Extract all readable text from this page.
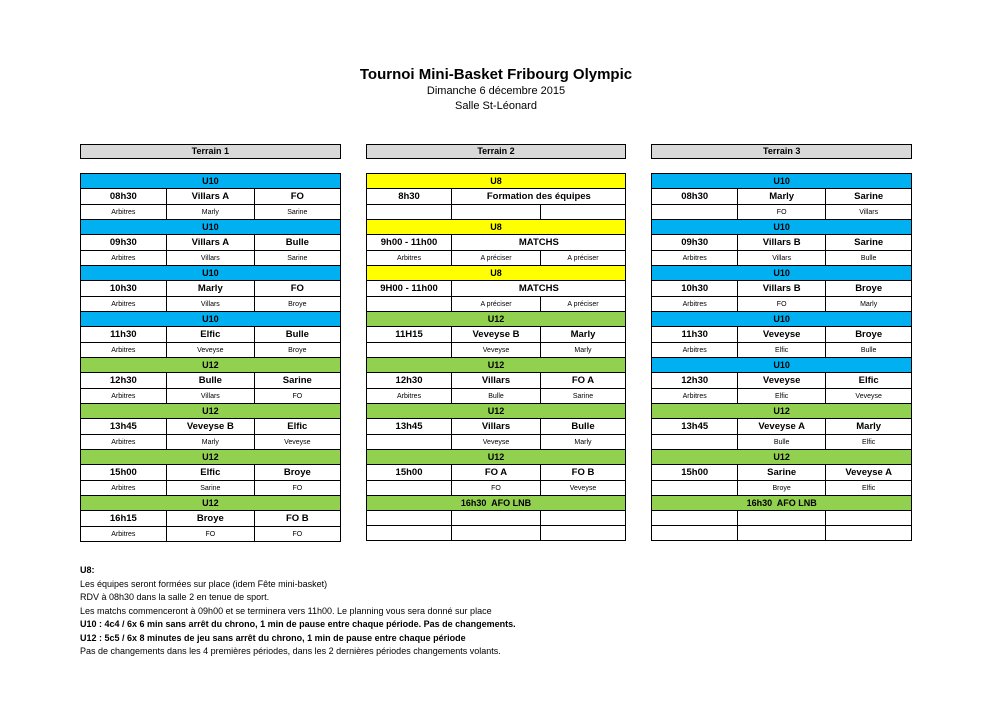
Tournoi Mini-Basket Fribourg Olympic
Dimanche 6 décembre 2015
Salle St-Léonard
Terrain 1
U10		
08h30	Villars A	FO
Arbitres	Marly	Sarine
U10		
09h30	Villars A	Bulle
Arbitres	Villars	Sarine
U10		
10h30	Marly	FO
Arbitres	Villars	Broye
U10		
11h30	Elfic	Bulle
Arbitres	Veveyse	Broye
U12		
12h30	Bulle	Sarine
Arbitres	Villars	FO
U12		
13h45	Veveyse B	Elfic
Arbitres	Marly	Veveyse
U12		
15h00	Elfic	Broye
Arbitres	Sarine	FO
U12		
16h15	Broye	FO B
Arbitres	FO	FO
Terrain 2
U8		
8h30	Formation des équipes	

U8		
9h00 - 11h00	MATCHS	
Arbitres	A préciser	A préciser
U8		
9H00 - 11h00	MATCHS	
	A préciser	A préciser
U12		
11H15	Veveyse B	Marly
	Veveyse	Marly
U12		
12h30	Villars	FO A
Arbitres	Bulle	Sarine
U12		
13h45	Villars	Bulle
	Veveyse	Marly
U12		
15h00	FO A	FO B
	FO	Veveyse
16h30  AFO LNB		

Terrain 3
U10		
08h30	Marly	Sarine
	FO	Villars
U10		
09h30	Villars B	Sarine
Arbitres	Villars	Bulle
U10		
10h30	Villars B	Broye
Arbitres	FO	Marly
U10		
11h30	Veveyse	Broye
Arbitres	Elfic	Bulle
U10		
12h30	Veveyse	Elfic
Arbitres	Elfic	Veveyse
U12		
13h45	Veveyse A	Marly
	Bulle	Elfic
U12		
15h00	Sarine	Veveyse A
	Broye	Elfic
16h30  AFO LNB		

U8:
Les équipes seront formées sur place (idem Fête mini-basket)
RDV à 08h30 dans la salle 2 en tenue de sport.
Les matchs commenceront à 09h00 et se terminera vers 11h00. Le planning vous sera donné sur place
U10 : 4c4 / 6x 6 min sans arrêt du chrono, 1 min de pause entre chaque période. Pas de changements.
U12 : 5c5 / 6x 8 minutes de jeu sans arrêt du chrono, 1 min de pause entre chaque période
Pas de changements dans les 4 premières périodes, dans les 2 dernières périodes changements volants.
